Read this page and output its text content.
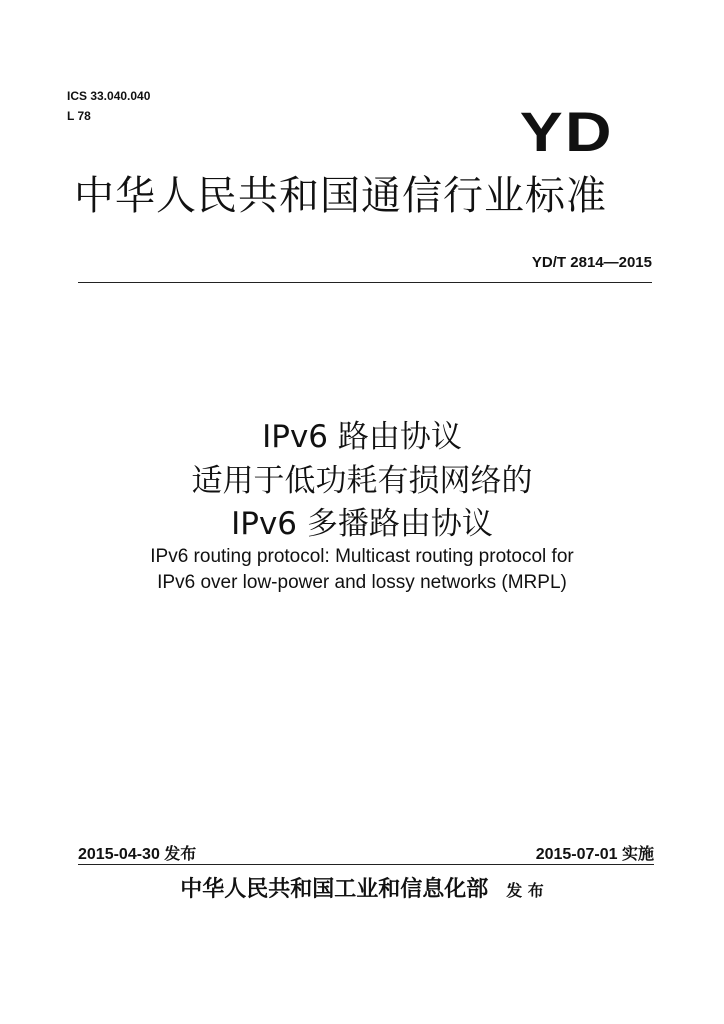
ICS 33.040.040
L 78	YD
中华人民共和国通信行业标准
YD/T 2814—2015
IPv6 路由协议
适用于低功耗有损网络的
IPv6 多播路由协议
IPv6 routing protocol: Multicast routing protocol for
IPv6 over low-power and lossy networks (MRPL)
2015-04-30 发布	2015-07-01 实施
中华人民共和国工业和信息化部 发 布
